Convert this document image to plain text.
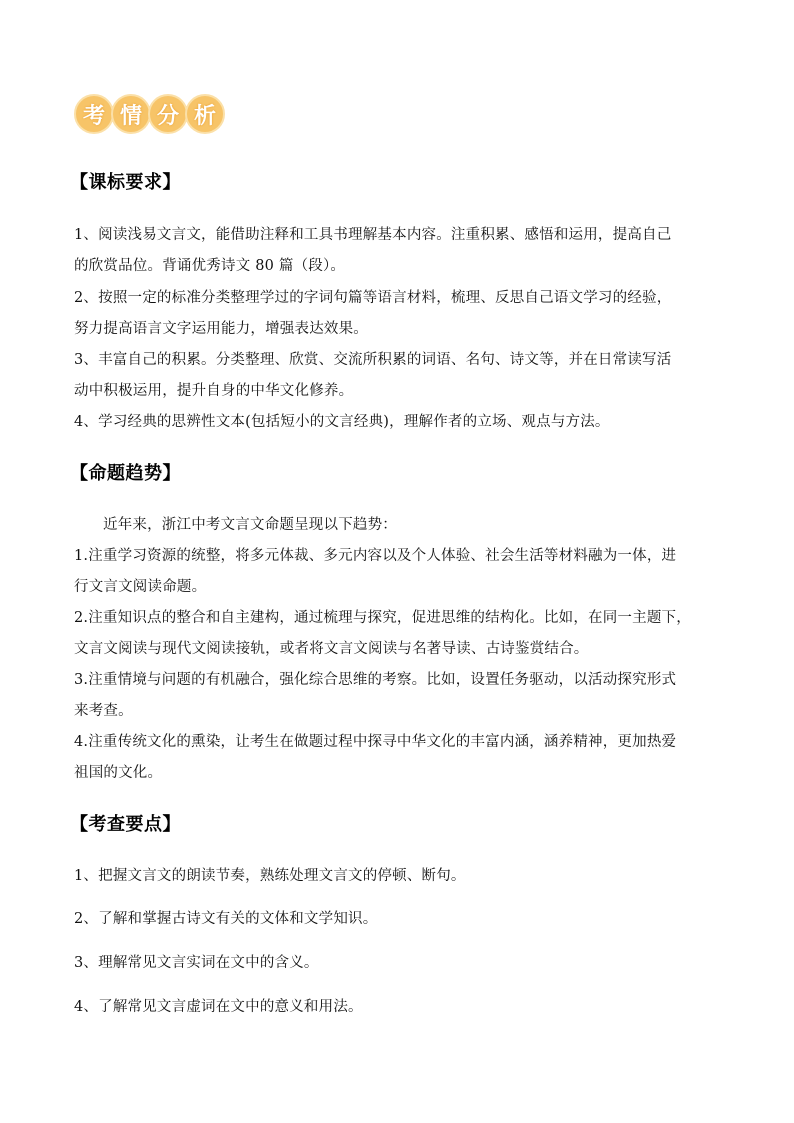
考 情 分 析
【课标要求】
1、阅读浅易文言文，能借助注释和工具书理解基本内容。注重积累、感悟和运用，提高自己
的欣赏品位。背诵优秀诗文 80 篇（段）。
2、按照一定的标准分类整理学过的字词句篇等语言材料，梳理、反思自己语文学习的经验，
努力提高语言文字运用能力，增强表达效果。
3、丰富自己的积累。分类整理、欣赏、交流所积累的词语、名句、诗文等，并在日常读写活
动中积极运用，提升自身的中华文化修养。
4、学习经典的思辨性文本(包括短小的文言经典)，理解作者的立场、观点与方法。
【命题趋势】
近年来，浙江中考文言文命题呈现以下趋势：
1.注重学习资源的统整，将多元体裁、多元内容以及个人体验、社会生活等材料融为一体，进
行文言文阅读命题。
2.注重知识点的整合和自主建构，通过梳理与探究，促进思维的结构化。比如，在同一主题下，
文言文阅读与现代文阅读接轨，或者将文言文阅读与名著导读、古诗鉴赏结合。
3.注重情境与问题的有机融合，强化综合思维的考察。比如，设置任务驱动，以活动探究形式
来考查。
4.注重传统文化的熏染，让考生在做题过程中探寻中华文化的丰富内涵，涵养精神，更加热爱
祖国的文化。
【考查要点】
1、把握文言文的朗读节奏，熟练处理文言文的停顿、断句。
2、了解和掌握古诗文有关的文体和文学知识。
3、理解常见文言实词在文中的含义。
4、了解常见文言虚词在文中的意义和用法。
